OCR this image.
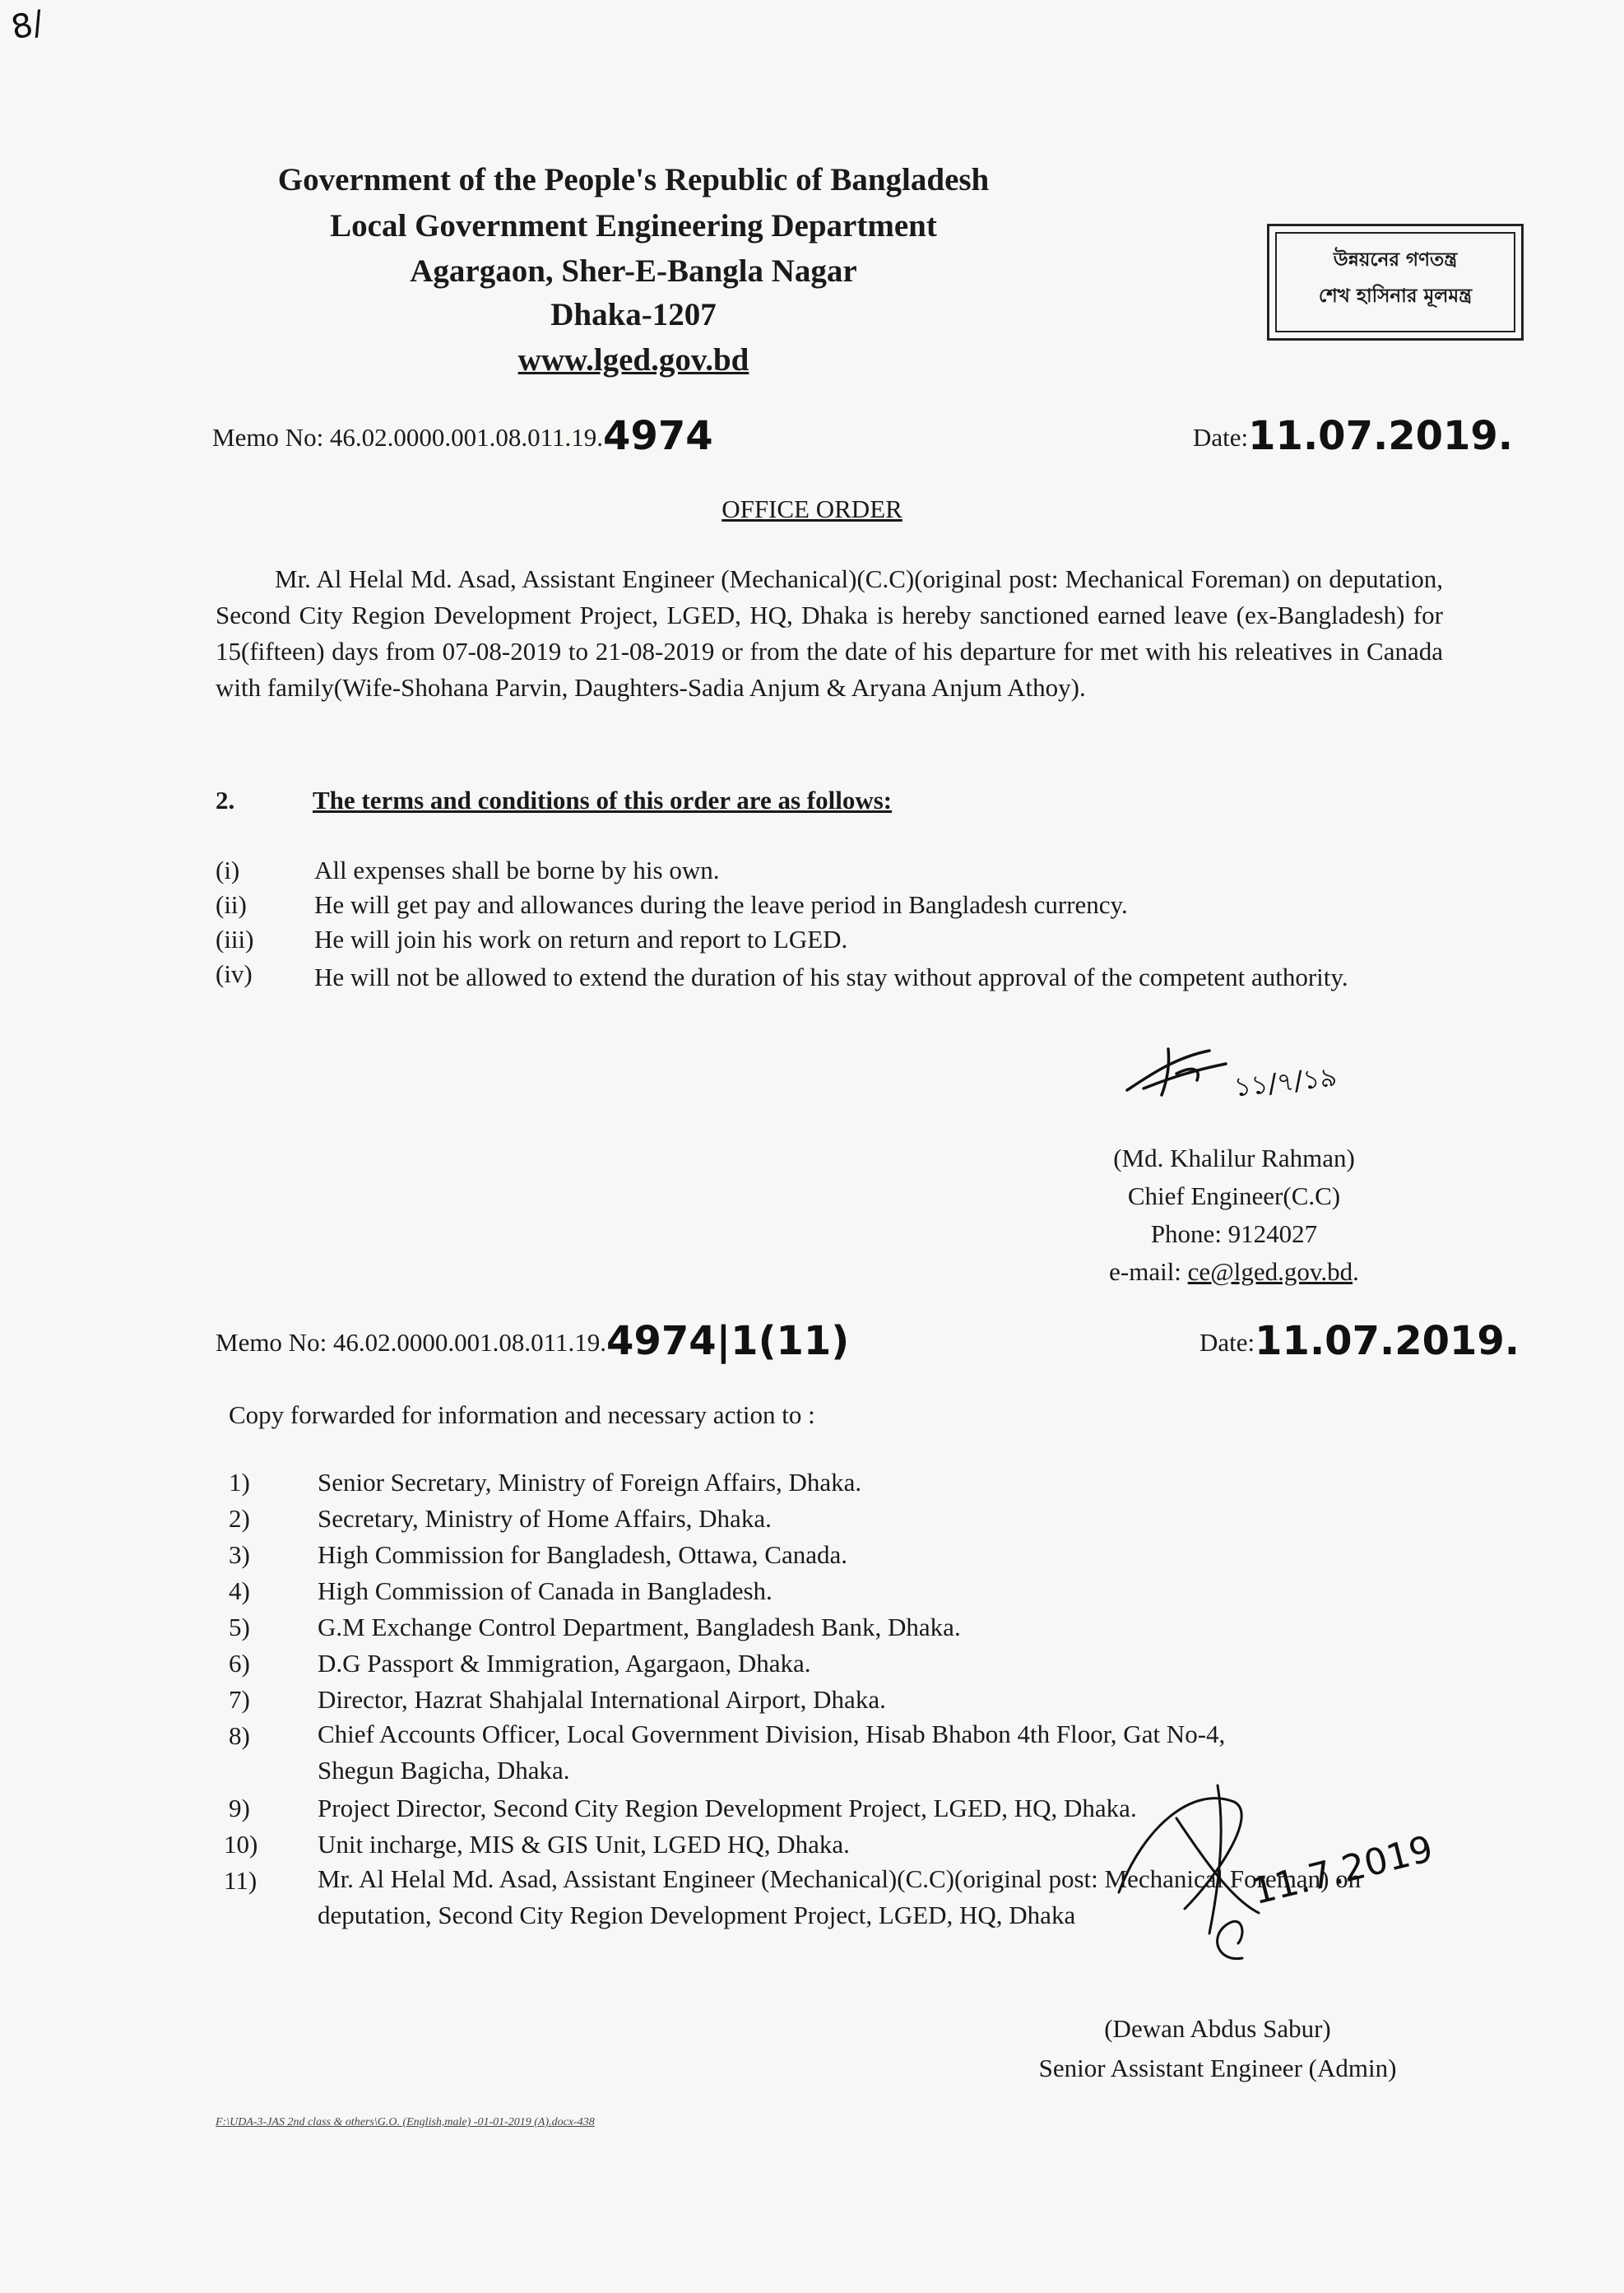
8/
Government of the People's Republic of Bangladesh
Local Government Engineering Department
Agargaon, Sher-E-Bangla Nagar
Dhaka-1207
www.lged.gov.bd
উন্নয়নের গণতন্ত্র
শেখ হাসিনার মূলমন্ত্র
Memo No: 46.02.0000.001.08.011.19.4974	Date:11.07.2019.
OFFICE ORDER
Mr. Al Helal Md. Asad, Assistant Engineer (Mechanical)(C.C)(original post: Mechanical Foreman) on deputation, Second City Region Development Project, LGED, HQ, Dhaka is hereby sanctioned earned leave (ex-Bangladesh) for 15(fifteen) days from 07-08-2019 to 21-08-2019 or from the date of his departure for met with his releatives in Canada with family(Wife-Shohana Parvin, Daughters-Sadia Anjum & Aryana Anjum Athoy).
2.	The terms and conditions of this order are as follows:
(i)	All expenses shall be borne by his own.
(ii)	He will get pay and allowances during the leave period in Bangladesh currency.
(iii) He will join his work on return and report to LGED.
(iv) He will not be allowed to extend the duration of his stay without approval of the competent authority.
১১/৭/১৯
(Md. Khalilur Rahman)
Chief Engineer(C.C)
Phone: 9124027
e-mail: ce@lged.gov.bd.
Memo No: 46.02.0000.001.08.011.19.4974|1(11)	Date:11.07.2019.
Copy forwarded for information and necessary action to :
1)	Senior Secretary, Ministry of Foreign Affairs, Dhaka.
2)	Secretary, Ministry of Home Affairs, Dhaka.
3)	High Commission for Bangladesh, Ottawa, Canada.
4)	High Commission of Canada in Bangladesh.
5)	G.M Exchange Control Department, Bangladesh Bank, Dhaka.
6)	D.G Passport & Immigration, Agargaon, Dhaka.
7)	Director, Hazrat Shahjalal International Airport, Dhaka.
8)	Chief Accounts Officer, Local Government Division, Hisab Bhabon 4th Floor, Gat No-4, Shegun Bagicha, Dhaka.
9)	Project Director, Second City Region Development Project, LGED, HQ, Dhaka.
10) Unit incharge, MIS & GIS Unit, LGED HQ, Dhaka.
11) Mr. Al Helal Md. Asad, Assistant Engineer (Mechanical)(C.C)(original post: Mechanical Foreman) on deputation, Second City Region Development Project, LGED, HQ, Dhaka
11.7.2019
(Dewan Abdus Sabur)
Senior Assistant Engineer (Admin)
F:\UDA-3-JAS 2nd class & others\G.O. (English,male) -01-01-2019 (A).docx-438
